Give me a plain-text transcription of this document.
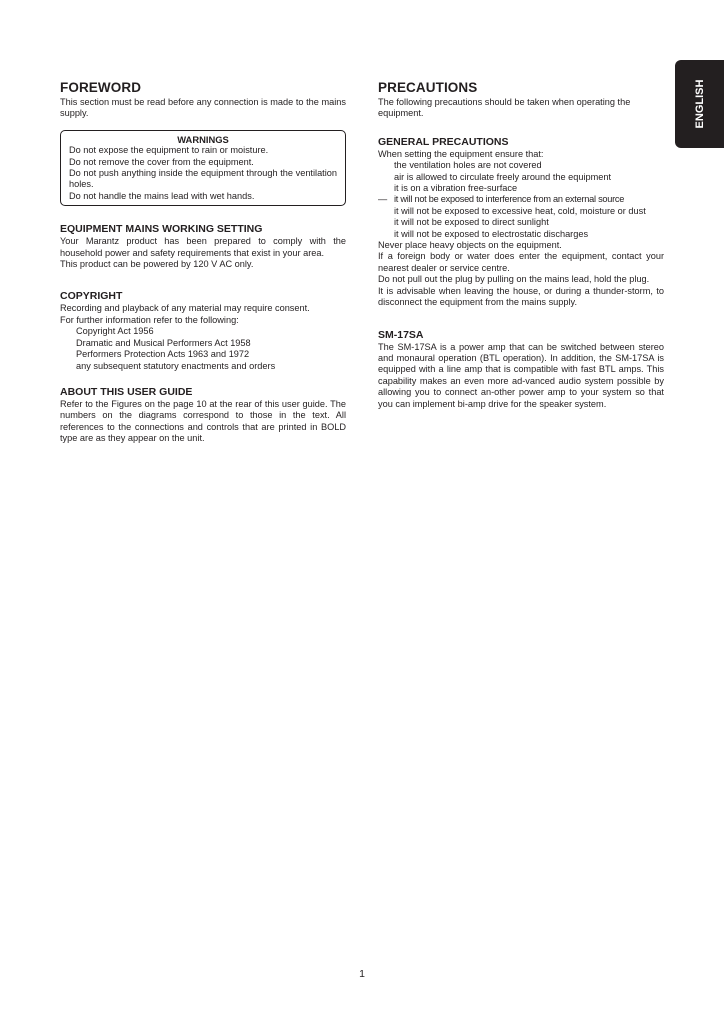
FOREWORD

This section must be read before any connection is made to the mains supply.

WARNINGS
Do not expose the equipment to rain or moisture.
Do not remove the cover from the equipment.
Do not push anything inside the equipment through the ventilation holes.
Do not handle the mains lead with wet hands.
EQUIPMENT MAINS WORKING SETTING

Your Marantz product has been prepared to comply with the household power and safety requirements that exist in your area.

This product can be powered by 120 V AC only.

COPYRIGHT

Recording and playback of any material may require consent.

For further information refer to the following:

Copyright Act 1956
Dramatic and Musical Performers Act 1958
Performers Protection Acts 1963 and 1972
any subsequent statutory enactments and orders
ABOUT THIS USER GUIDE

Refer to the Figures on the page 10 at the rear of this user guide. The numbers on the diagrams correspond to those in the text. All references to the connections and controls that are printed in BOLD type are as they appear on the unit.

PRECAUTIONS

The following precautions should be taken when operating the equipment.

GENERAL PRECAUTIONS

When setting the equipment ensure that:

the ventilation holes are not covered
air is allowed to circulate freely around the equipment
it is on a vibration free-surface
— it will not be exposed to interference from an external source
it will not be exposed to excessive heat, cold, moisture or dust
it will not be exposed to direct sunlight
it will not be exposed to electrostatic discharges

Never place heavy objects on the equipment.

If a foreign body or water does enter the equipment, contact your nearest dealer or service centre.

Do not pull out the plug by pulling on the mains lead, hold the plug.

It is advisable when leaving the house, or during a thunder-storm, to disconnect the equipment from the mains supply.

SM-17SA

The SM-17SA is a power amp that can be switched between stereo and monaural operation (BTL operation). In addition, the SM-17SA is equipped with a line amp that is compatible with fast BTL amps. This capability makes an even more ad-vanced audio system possible by allowing you to connect an-other power amp to your system so that you can implement bi-amp drive for the speaker system.

ENGLISH
1
